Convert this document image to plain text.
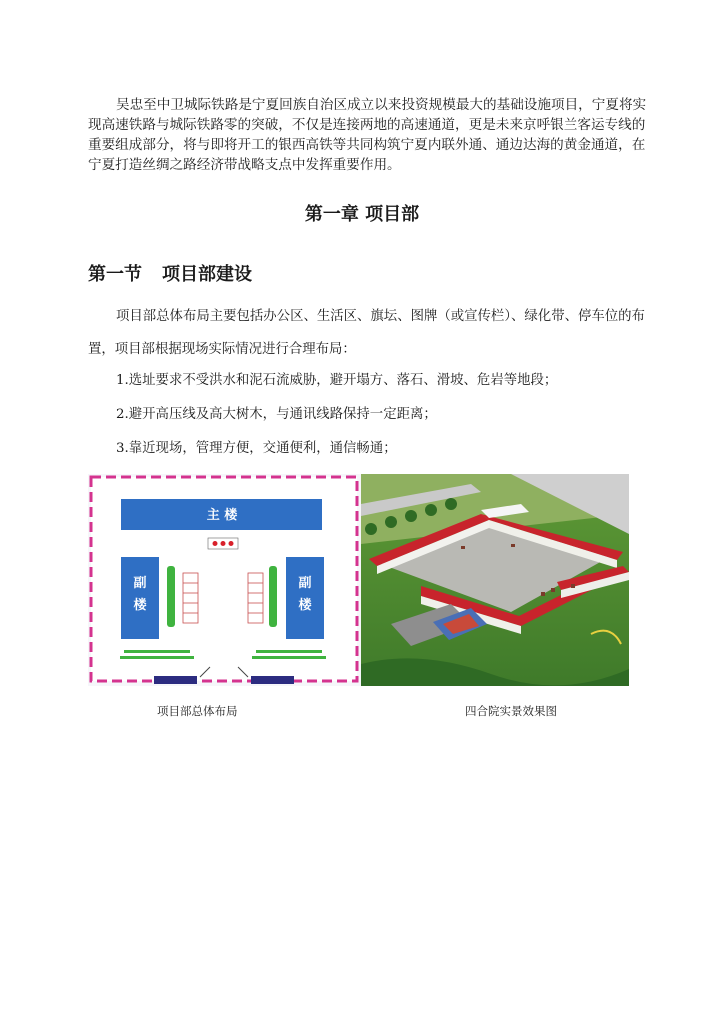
吴忠至中卫城际铁路是宁夏回族自治区成立以来投资规模最大的基础设施项目，宁夏将实现高速铁路与城际铁路零的突破，不仅是连接两地的高速通道，更是未来京呼银兰客运专线的重要组成部分，将与即将开工的银西高铁等共同构筑宁夏内联外通、通边达海的黄金通道，在宁夏打造丝绸之路经济带战略支点中发挥重要作用。
第一章 项目部
第一节 项目部建设
项目部总体布局主要包括办公区、生活区、旗坛、图牌（或宣传栏）、绿化带、停车位的布置，项目部根据现场实际情况进行合理布局：
1.选址要求不受洪水和泥石流威胁，避开塌方、落石、滑坡、危岩等地段；
2.避开高压线及高大树木，与通讯线路保持一定距离；
3.靠近现场，管理方便，交通便利，通信畅通；
主 楼
副
楼
副
楼
项目部总体布局	四合院实景效果图
